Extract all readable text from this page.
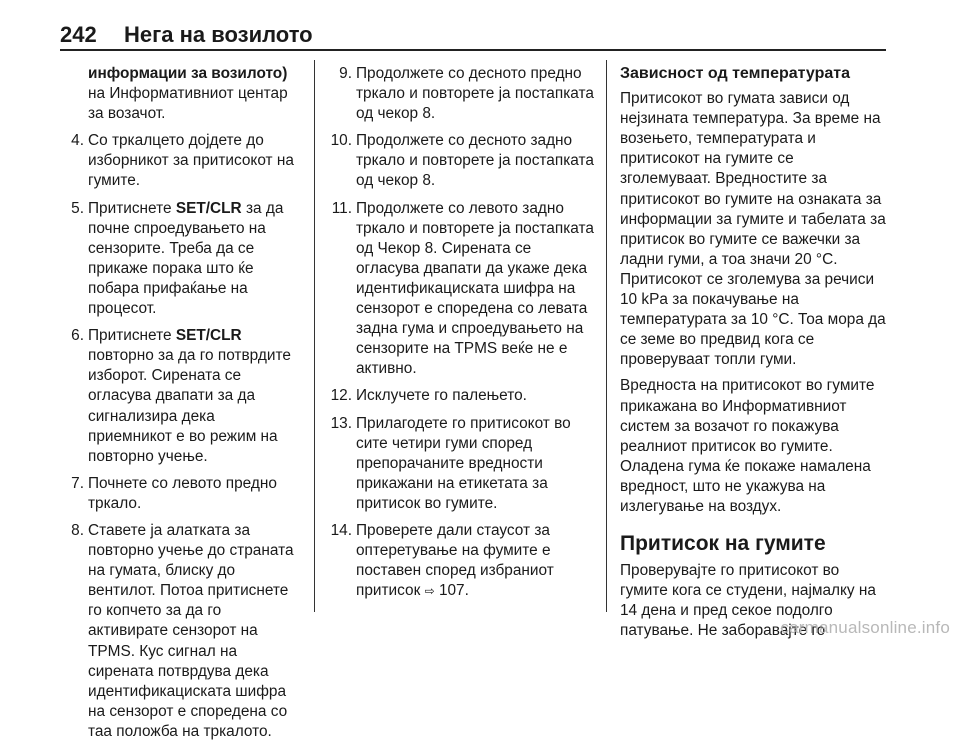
242 Нега на возилото
информации за возилото) на Информативниот центар за возачот.
4. Со тркалцето дојдете до изборникот за притисокот на гумите.
5. Притиснете SET/CLR за да почне спроедувањето на сензорите. Треба да се прикаже порака што ќе побара прифаќање на процесот.
6. Притиснете SET/CLR повторно за да го потврдите изборот. Сирената се огласува двапати за да сигнализира дека приемникот е во режим на повторно учење.
7. Почнете со левото предно тркало.
8. Ставете ја алатката за повторно учење до страната на гумата, блиску до вентилот. Потоа притиснете го копчето за да го активирате сензорот на TPMS. Кус сигнал на сирената потврдува дека идентификациската шифра на сензорот е споредена со таа положба на тркалото.
9. Продолжете со десното предно тркало и повторете ја постапката од чекор 8.
10. Продолжете со десното задно тркало и повторете ја постапката од чекор 8.
11. Продолжете со левото задно тркало и повторете ја постапката од Чекор 8. Сирената се огласува двапати да укаже дека идентификациската шифра на сензорот е споредена со левата задна гума и спроедувањето на сензорите на TPMS веќе не е активно.
12. Исклучете го палењето.
13. Прилагодете го притисокот во сите четири гуми според препорачаните вредности прикажани на етикетата за притисок во гумите.
14. Проверете дали стаусот за оптеретување на фумите е поставен според избраниот притисок ⇨ 107.
Зависност од температурата
Притисокот во гумата зависи од нејзината температура. За време на возењето, температурата и притисокот на гумите се зголемуваат. Вредностите за притисокот во гумите на ознаката за информации за гумите и табелата за притисок во гумите се важечки за ладни гуми, а тоа значи 20 °C. Притисокот се зголемува за речиси 10 kPa за покачување на температурата за 10 °C. Тоа мора да се земе во предвид кога се проверуваат топли гуми.
Вредноста на притисокот во гумите прикажана во Информативниот систем за возачот го покажува реалниот притисок во гумите. Оладена гума ќе покаже намалена вредност, што не укажува на излегување на воздух.
Притисок на гумите
Проверувајте го притисокот во гумите кога се студени, најмалку на 14 дена и пред секое подолго патување. Не заборавајте го
carmanualsonline.info
